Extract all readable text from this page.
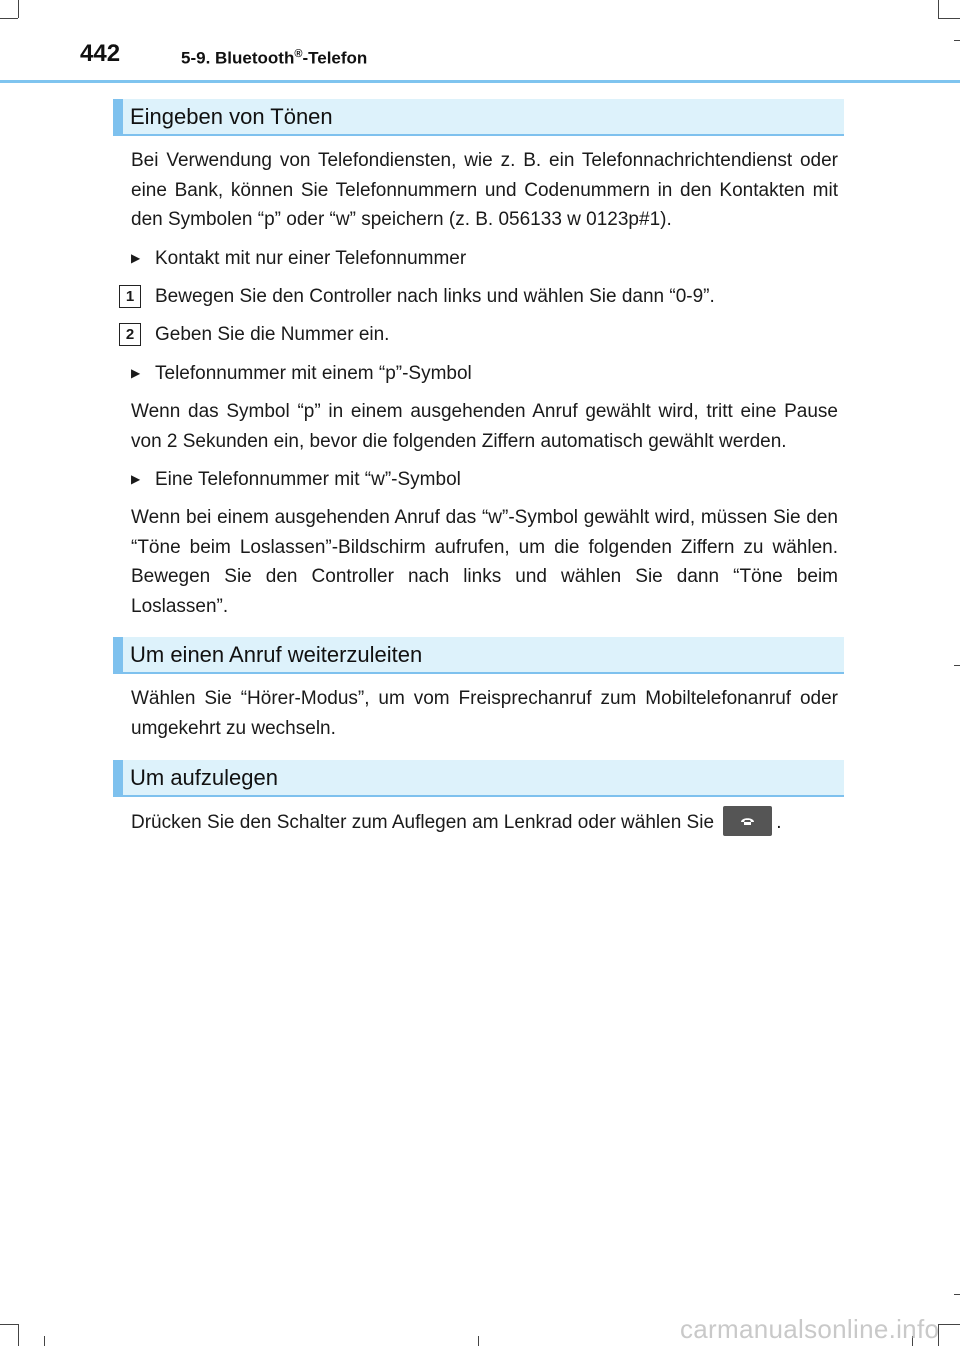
442	5-9. Bluetooth®-Telefon
Eingeben von Tönen
Bei Verwendung von Telefondiensten, wie z. B. ein Telefonnachrichtendienst oder eine Bank, können Sie Telefonnummern und Codenummern in den Kontakten mit den Symbolen “p” oder “w” speichern (z. B. 056133 w 0123p#1).
▶ Kontakt mit nur einer Telefonnummer
1 Bewegen Sie den Controller nach links und wählen Sie dann “0-9”.
2 Geben Sie die Nummer ein.
▶ Telefonnummer mit einem “p”-Symbol
Wenn das Symbol “p” in einem ausgehenden Anruf gewählt wird, tritt eine Pause von 2 Sekunden ein, bevor die folgenden Ziffern automatisch gewählt werden.
▶ Eine Telefonnummer mit “w”-Symbol
Wenn bei einem ausgehenden Anruf das “w”-Symbol gewählt wird, müssen Sie den “Töne beim Loslassen”-Bildschirm aufrufen, um die folgenden Ziffern zu wählen. Bewegen Sie den Controller nach links und wählen Sie dann “Töne beim Loslassen”.
Um einen Anruf weiterzuleiten
Wählen Sie “Hörer-Modus”, um vom Freisprechanruf zum Mobiltelefonanruf oder umgekehrt zu wechseln.
Um aufzulegen
Drücken Sie den Schalter zum Auflegen am Lenkrad oder wählen Sie	.
carmanualsonline.info
